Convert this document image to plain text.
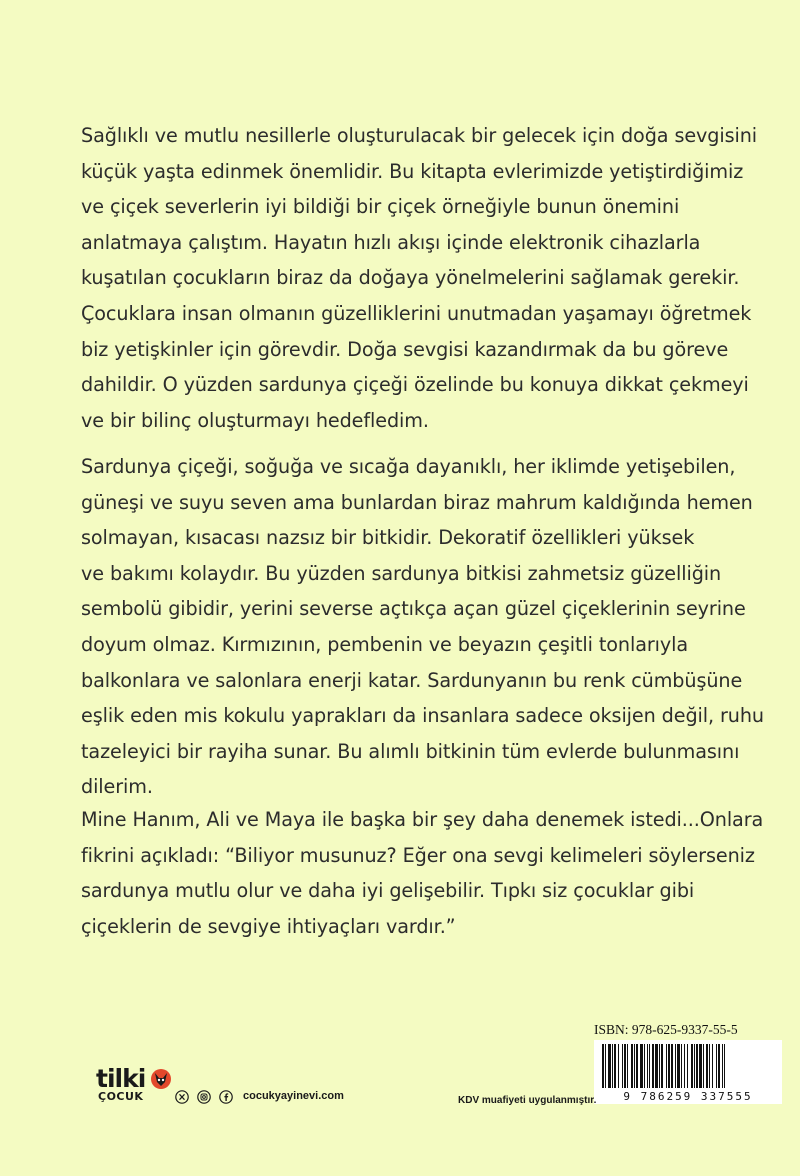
Sağlıklı ve mutlu nesillerle oluşturulacak bir gelecek için doğa sevgisini
küçük yaşta edinmek önemlidir. Bu kitapta evlerimizde yetiştirdiğimiz
ve çiçek severlerin iyi bildiği bir çiçek örneğiyle bunun önemini
anlatmaya çalıştım. Hayatın hızlı akışı içinde elektronik cihazlarla
kuşatılan çocukların biraz da doğaya yönelmelerini sağlamak gerekir.
Çocuklara insan olmanın güzelliklerini unutmadan yaşamayı öğretmek
biz yetişkinler için görevdir. Doğa sevgisi kazandırmak da bu göreve
dahildir. O yüzden sardunya çiçeği özelinde bu konuya dikkat çekmeyi
ve bir bilinç oluşturmayı hedefledim.
Sardunya çiçeği, soğuğa ve sıcağa dayanıklı, her iklimde yetişebilen,
güneşi ve suyu seven ama bunlardan biraz mahrum kaldığında hemen
solmayan, kısacası nazsız bir bitkidir. Dekoratif özellikleri yüksek
ve bakımı kolaydır. Bu yüzden sardunya bitkisi zahmetsiz güzelliğin
sembolü gibidir, yerini severse açtıkça açan güzel çiçeklerinin seyrine
doyum olmaz. Kırmızının, pembenin ve beyazın çeşitli tonlarıyla
balkonlara ve salonlara enerji katar. Sardunyanın bu renk cümbüşüne
eşlik eden mis kokulu yaprakları da insanlara sadece oksijen değil, ruhu
tazeleyici bir rayiha sunar. Bu alımlı bitkinin tüm evlerde bulunmasını
dilerim.
Mine Hanım, Ali ve Maya ile başka bir şey daha denemek istedi...Onlara
fikrini açıkladı: “Biliyor musunuz? Eğer ona sevgi kelimeleri söylerseniz
sardunya mutlu olur ve daha iyi gelişebilir. Tıpkı siz çocuklar gibi
çiçeklerin de sevgiye ihtiyaçları vardır.”
ISBN: 978-625-9337-55-5
9 786259 337555
tilki
ÇOCUK	cocukyayinevi.com	KDV muafiyeti uygulanmıştır.
